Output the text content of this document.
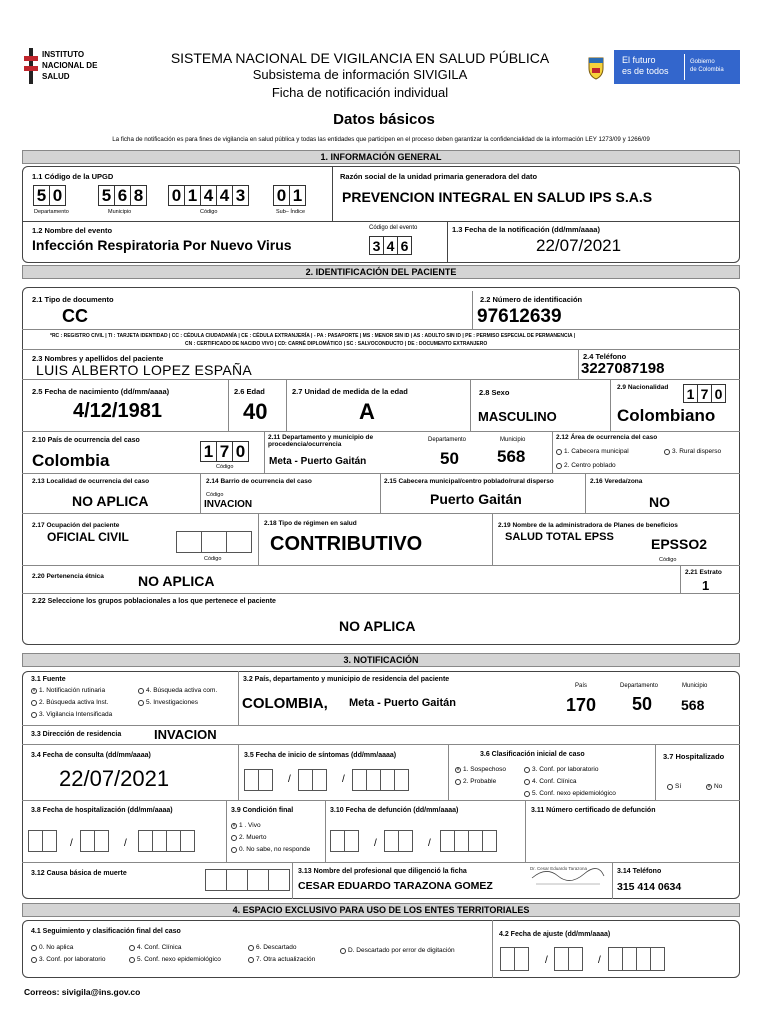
INSTITUTO
NACIONAL DE
SALUD
SISTEMA NACIONAL DE VIGILANCIA EN SALUD PÚBLICA
Subsistema de información SIVIGILA
Ficha de notificación individual
El futuro
es de todos
Gobierno
de Colombia
Datos básicos
La ficha de notificación es para fines de vigilancia en salud pública y todas las entidades que participen en el proceso deben garantizar la confidencialidad de la información LEY 1273/09 y 1266/09
1. INFORMACIÓN GENERAL
1.1 Código de la UPGD
5 0 5 6 8 0 1 4 4 3 0 1
Departamento	Municipio	Código	Sub– Índice
Razón social de la unidad primaria generadora del dato
PREVENCION INTEGRAL EN SALUD IPS S.A.S
1.2 Nombre del evento
Infección Respiratoria Por Nuevo Virus
Código del evento
3 4 6
1.3 Fecha de la notificación (dd/mm/aaaa)
22/07/2021
2. IDENTIFICACIÓN DEL PACIENTE
2.1 Tipo de documento
CC
2.2 Número de identificación
97612639
*RC : REGISTRO CIVIL | TI : TARJETA IDENTIDAD | CC : CÉDULA CIUDADANÍA | CE : CÉDULA EXTRANJERÍA | - PA : PASAPORTE | MS : MENOR SIN ID | AS : ADULTO SIN ID | PE : PERMISO ESPECIAL DE PERMANENCIA |
CN : CERTIFICADO DE NACIDO VIVO | CD: CARNÉ DIPLOMÁTICO | SC : SALVOCONDUCTO | DE : DOCUMENTO EXTRANJERO
2.3 Nombres y apellidos del paciente
LUIS ALBERTO LOPEZ ESPAÑA
2.4 Teléfono
3227087198
2.5 Fecha de nacimiento (dd/mm/aaaa)
4/12/1981
2.6 Edad
40
2.7 Unidad de medida de la edad
A
2.8 Sexo
MASCULINO
2.9 Nacionalidad 1 7 0
Colombiano
2.10 País de ocurrencia del caso
Colombia	1 7 0
Código
2.11 Departamento y municipio de
procedencia/ocurrencia
Meta - Puerto Gaitán
Departamento	Municipio
50 568
2.12 Área de ocurrencia del caso
1. Cabecera municipal	3. Rural disperso
2. Centro poblado
2.13 Localidad de ocurrencia del caso
NO APLICA
2.14 Barrio de ocurrencia del caso
Código
INVACION
2.15 Cabecera municipal/centro poblado/rural disperso
Puerto Gaitán
2.16 Vereda/zona
NO
2.17 Ocupación del paciente
OFICIAL CIVIL
Código
2.18 Tipo de régimen en salud
CONTRIBUTIVO
2.19 Nombre de la administradora de Planes de beneficios
SALUD TOTAL EPSS	EPSSO2
Código
2.20 Pertenencia étnica NO APLICA
2.21 Estrato
1
2.22 Seleccione los grupos poblacionales a los que pertenece el paciente
NO APLICA
3. NOTIFICACIÓN
3.1 Fuente
×
1. Notificación rutinaria	4. Búsqueda activa com.
2. Búsqueda activa Inst.	5. Investigaciones
3. Vigilancia Intensificada
3.2 País, departamento y municipio de residencia del paciente
País	Departamento	Municipio
COLOMBIA, Meta - Puerto Gaitán	170 50 568
3.3 Dirección de residencia	INVACION
3.4 Fecha de consulta (dd/mm/aaaa)
22/07/2021
3.5 Fecha de inicio de síntomas (dd/mm/aaaa)
/	/
3.6 Clasificación inicial de caso
×
1. Sospechoso	3. Conf. por laboratorio
2. Probable	4. Conf. Clínica
5. Conf. nexo epidemiológico
3.7 Hospitalizado
Sí
×	No
3.8 Fecha de hospitalización (dd/mm/aaaa)
/	/
3.9 Condición final
×
1 . Vivo
2. Muerto
0. No sabe, no responde
3.10 Fecha de defunción (dd/mm/aaaa)
/	/
3.11 Número certificado de defunción
3.12 Causa básica de muerte	3.13 Nombre del profesional que diligenció la ficha
CESAR EDUARDO TARAZONA GOMEZ
Dr. Cesar Eduardo Tarazona	3.14 Teléfono
315 414 0634
4. ESPACIO EXCLUSIVO PARA USO DE LOS ENTES TERRITORIALES
4.1 Seguimiento y clasificación final del caso
0. No aplica	4. Conf. Clínica	6. Descartado	D. Descartado por error de digitación
3. Conf. por laboratorio	5. Conf. nexo epidemiológico	7. Otra actualización
4.2 Fecha de ajuste (dd/mm/aaaa)
/	/
Correos: sivigila@ins.gov.co
